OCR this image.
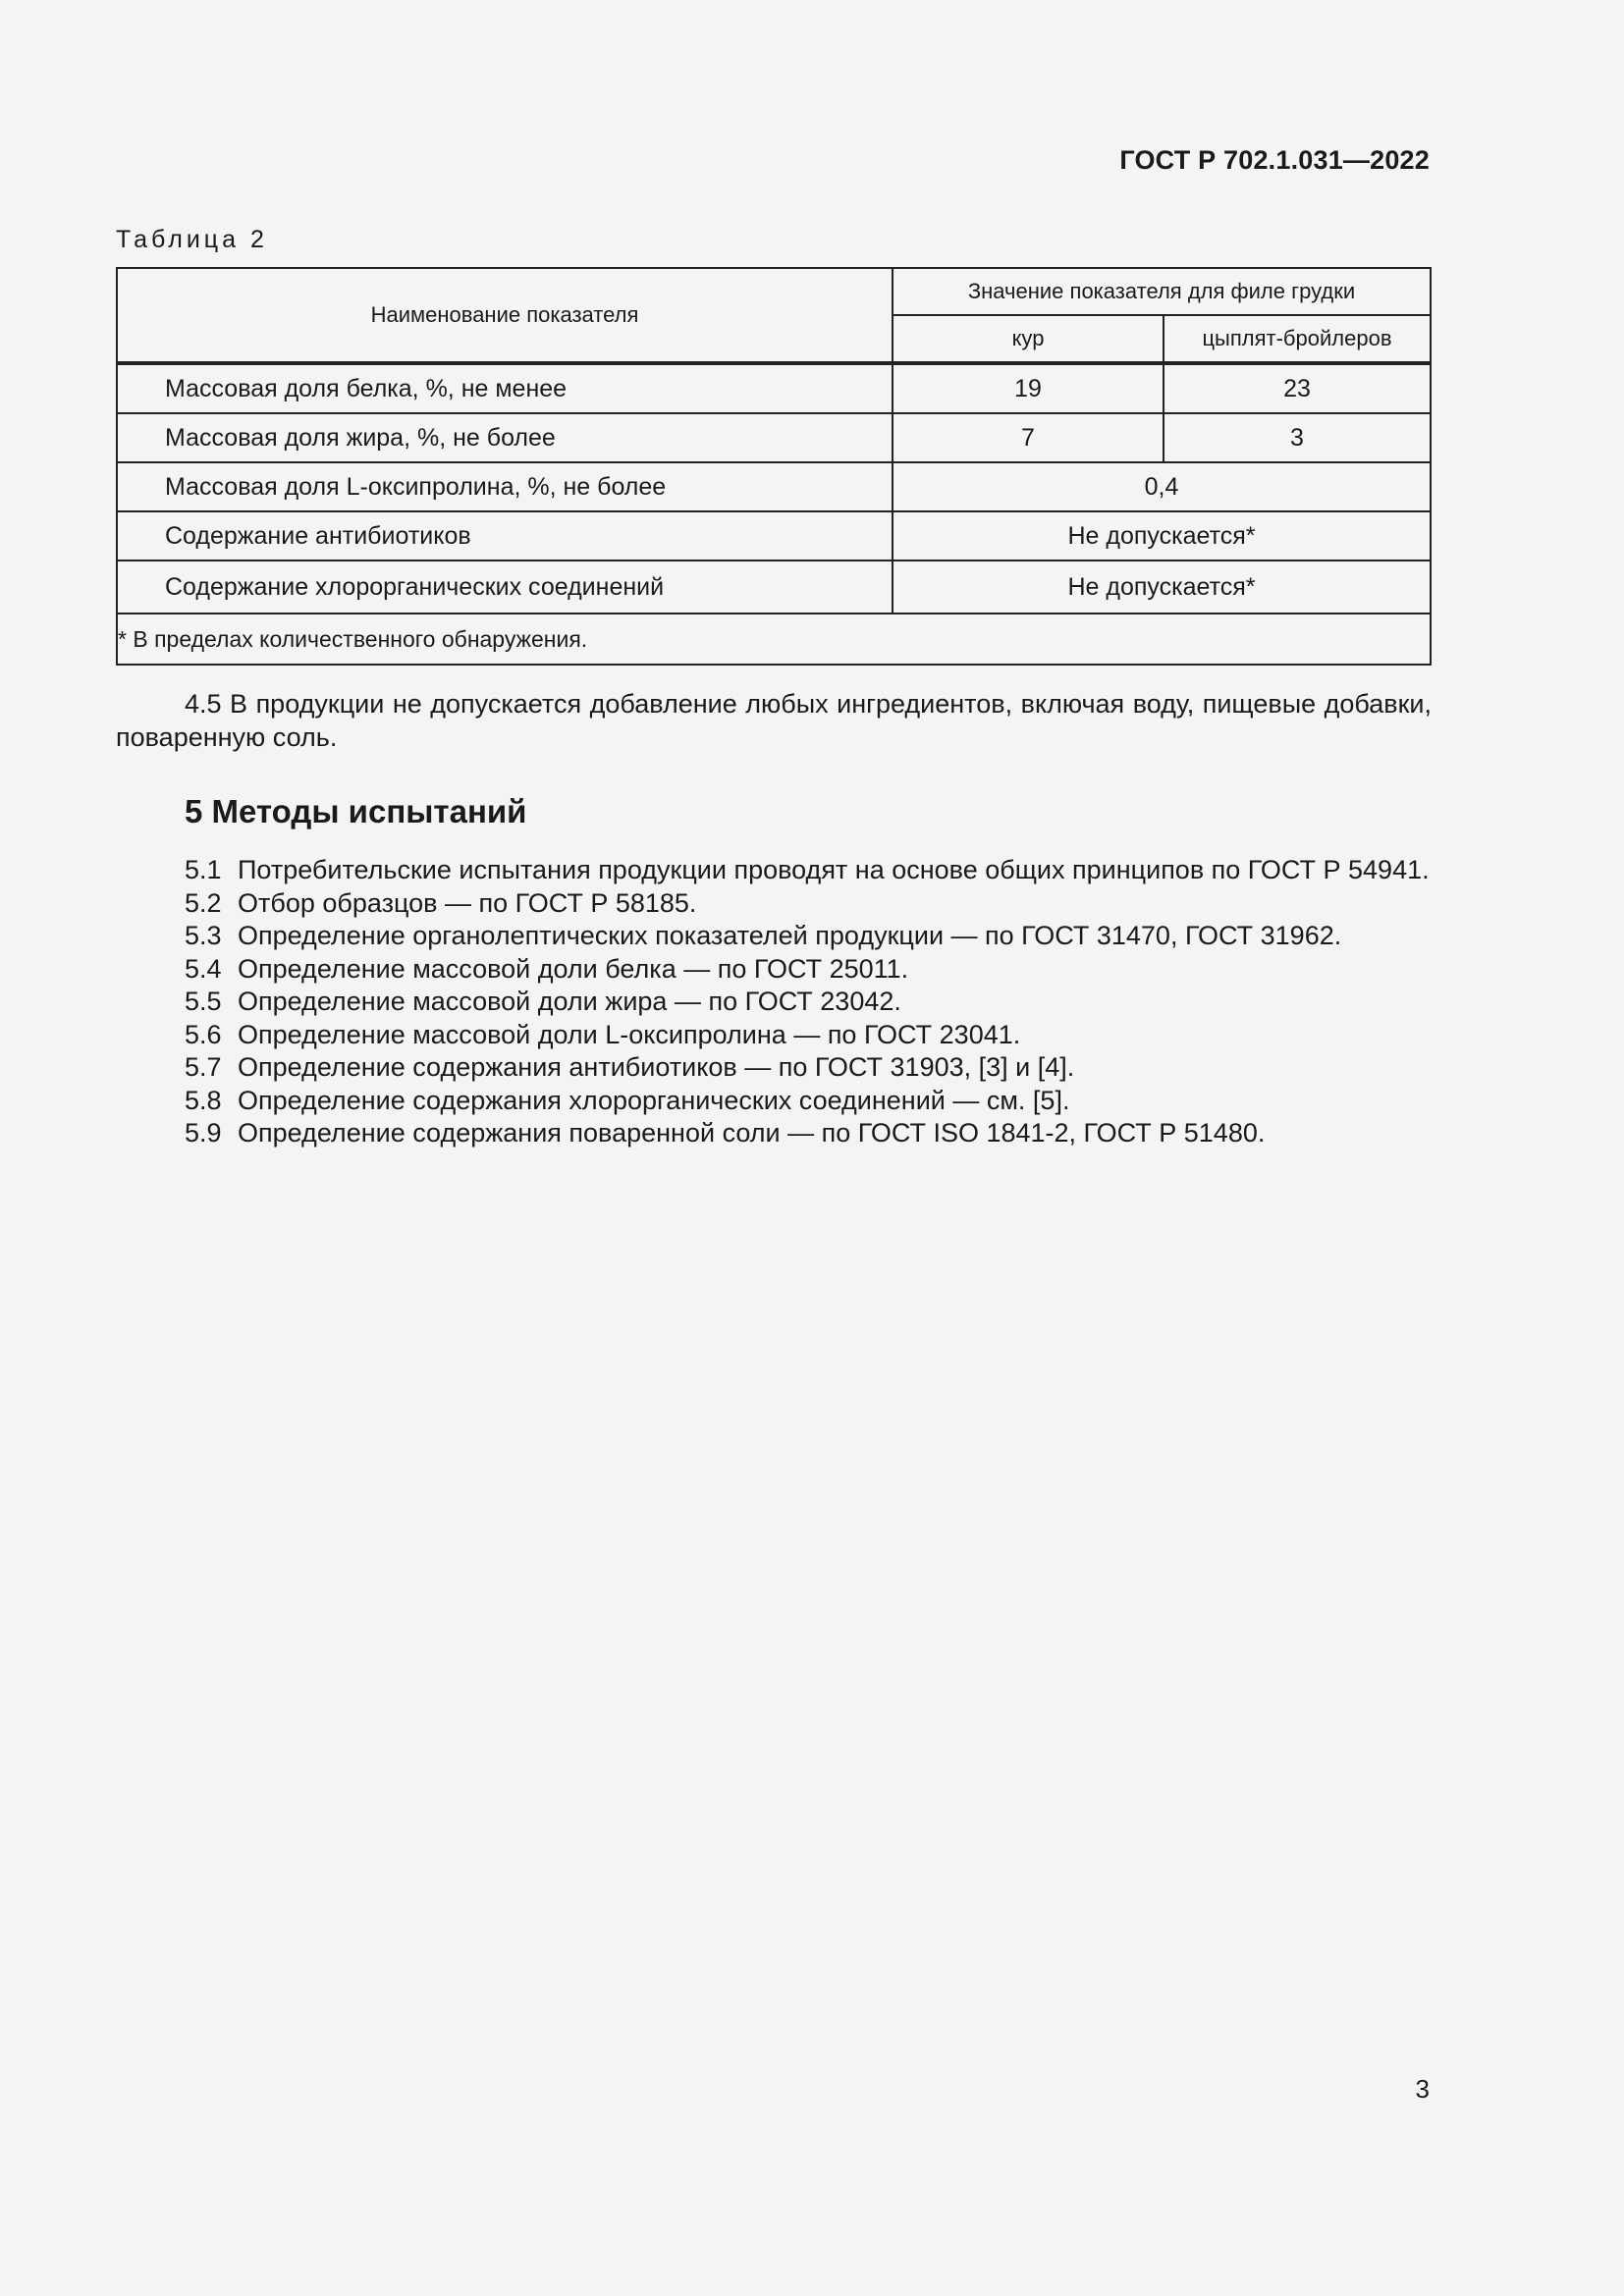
ГОСТ Р 702.1.031—2022
Таблица 2
Наименование показателя	Значение показателя для филе грудки	
	кур	цыплят-бройлеров
Массовая доля белка, %, не менее	19	23
Массовая доля жира, %, не более	7	3
Массовая доля L-оксипролина, %, не более	0,4	
Содержание антибиотиков	Не допускается*	
Содержание хлорорганических соединений	Не допускается*	
* В пределах количественного обнаружения.		
4.5 В продукции не допускается добавление любых ингредиентов, включая воду, пищевые добавки, поваренную соль.
5 Методы испытаний
5.1 Потребительские испытания продукции проводят на основе общих принципов по ГОСТ Р 54941.
5.2 Отбор образцов — по ГОСТ Р 58185.
5.3 Определение органолептических показателей продукции — по ГОСТ 31470, ГОСТ 31962.
5.4 Определение массовой доли белка — по ГОСТ 25011.
5.5 Определение массовой доли жира — по ГОСТ 23042.
5.6 Определение массовой доли L-оксипролина — по ГОСТ 23041.
5.7 Определение содержания антибиотиков — по ГОСТ 31903, [3] и [4].
5.8 Определение содержания хлорорганических соединений — см. [5].
5.9 Определение содержания поваренной соли — по ГОСТ ISO 1841-2, ГОСТ Р 51480.
3
